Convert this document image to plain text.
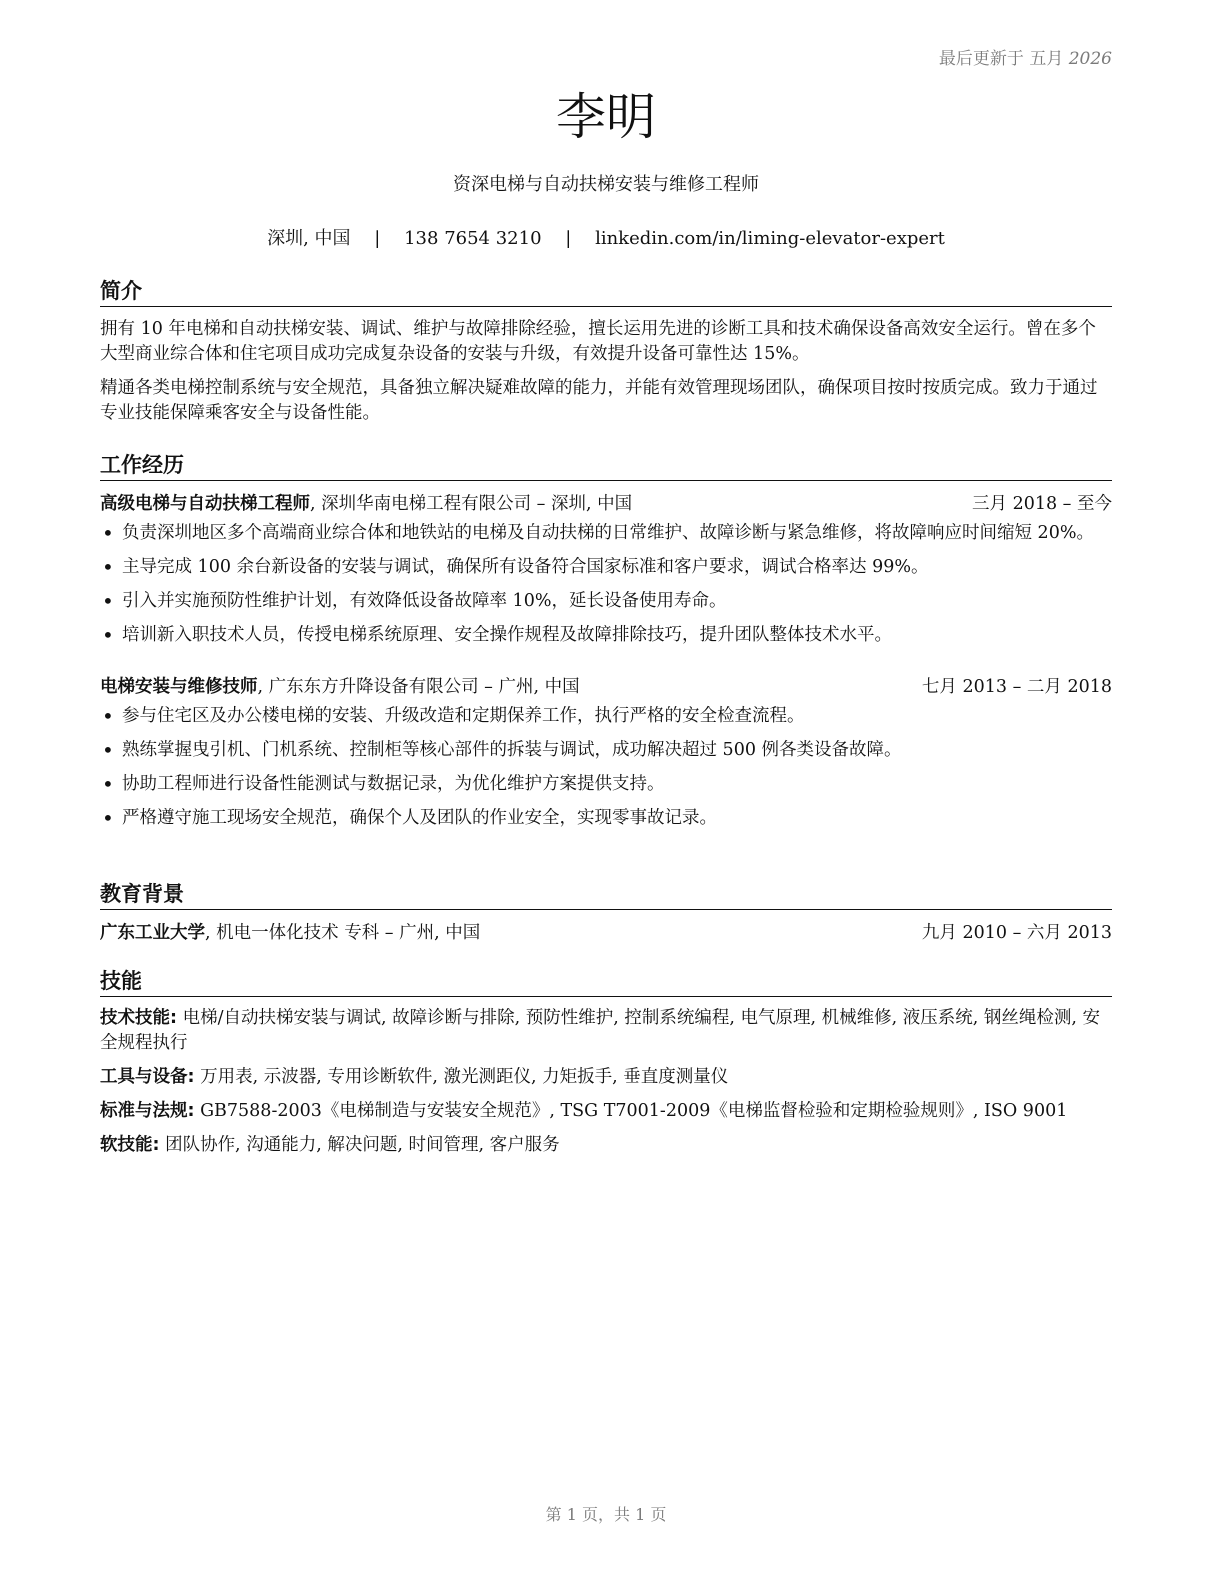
最后更新于 五月 2026
李明
资深电梯与自动扶梯安装与维修工程师
深圳, 中国 | 138 7654 3210 | linkedin.com/in/liming-elevator-expert
简介

拥有 10 年电梯和自动扶梯安装、调试、维护与故障排除经验，擅长运用先进的诊断工具和技术确保设备高效安全运行。曾在多个大型商业综合体和住宅项目成功完成复杂设备的安装与升级，有效提升设备可靠性达 15%。

精通各类电梯控制系统与安全规范，具备独立解决疑难故障的能力，并能有效管理现场团队，确保项目按时按质完成。致力于通过专业技能保障乘客安全与设备性能。

工作经历
高级电梯与自动扶梯工程师, 深圳华南电梯工程有限公司 – 深圳, 中国	三月 2018 – 至今
• 负责深圳地区多个高端商业综合体和地铁站的电梯及自动扶梯的日常维护、故障诊断与紧急维修，将故障响应时间缩短 20%。
• 主导完成 100 余台新设备的安装与调试，确保所有设备符合国家标准和客户要求，调试合格率达 99%。
• 引入并实施预防性维护计划，有效降低设备故障率 10%，延长设备使用寿命。
• 培训新入职技术人员，传授电梯系统原理、安全操作规程及故障排除技巧，提升团队整体技术水平。
电梯安装与维修技师, 广东东方升降设备有限公司 – 广州, 中国	七月 2013 – 二月 2018
• 参与住宅区及办公楼电梯的安装、升级改造和定期保养工作，执行严格的安全检查流程。
• 熟练掌握曳引机、门机系统、控制柜等核心部件的拆装与调试，成功解决超过 500 例各类设备故障。
• 协助工程师进行设备性能测试与数据记录，为优化维护方案提供支持。
• 严格遵守施工现场安全规范，确保个人及团队的作业安全，实现零事故记录。
教育背景
广东工业大学, 机电一体化技术 专科 – 广州, 中国	九月 2010 – 六月 2013
技能
技术技能: 电梯/自动扶梯安装与调试, 故障诊断与排除, 预防性维护, 控制系统编程, 电气原理, 机械维修, 液压系统, 钢丝绳检测, 安全规程执行
工具与设备: 万用表, 示波器, 专用诊断软件, 激光测距仪, 力矩扳手, 垂直度测量仪
标准与法规: GB7588-2003《电梯制造与安装安全规范》, TSG T7001-2009《电梯监督检验和定期检验规则》, ISO 9001
软技能: 团队协作, 沟通能力, 解决问题, 时间管理, 客户服务
第 1 页，共 1 页
